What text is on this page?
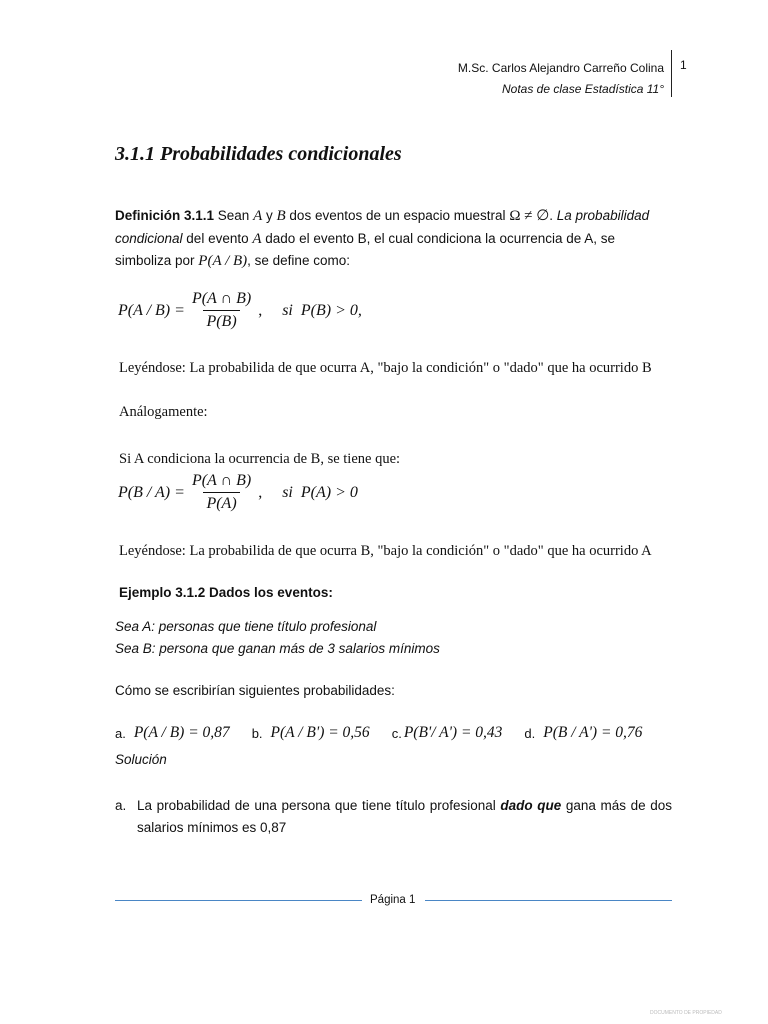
M.Sc. Carlos Alejandro Carreño Colina
Notas de clase Estadística 11°
1
3.1.1 Probabilidades condicionales
Definición 3.1.1 Sean A y B dos eventos de un espacio muestral Ω ≠ ∅. La probabilidad condicional del evento A dado el evento B, el cual condiciona la ocurrencia de A, se simboliza por P(A / B), se define como:
$P(A / B) = \frac{P(A \cap B)}{P(B)}$ , si P(B) > 0,
Leyéndose: La probabilida de que ocurra A, "bajo la condición" o "dado" que ha ocurrido B
Análogamente:
Si A condiciona la ocurrencia de B, se tiene que:
$P(B / A) = \frac{P(A \cap B)}{P(A)}$ , si P(A) > 0
Leyéndose: La probabilida de que ocurra B, "bajo la condición" o "dado" que ha ocurrido A
Ejemplo 3.1.2 Dados los eventos:
Sea A: personas que tiene título profesional
Sea B: persona que ganan más de 3 salarios mínimos
Cómo se escribirían siguientes probabilidades:
a. P(A / B) = 0,87 b. P(A / B') = 0,56 c. P(B'/ A') = 0,43 d. P(B / A') = 0,76
Solución
a. La probabilidad de una persona que tiene título profesional dado que gana más de dos salarios mínimos es 0,87
Página 1
DOCUMENTO DE PROPIEDAD
